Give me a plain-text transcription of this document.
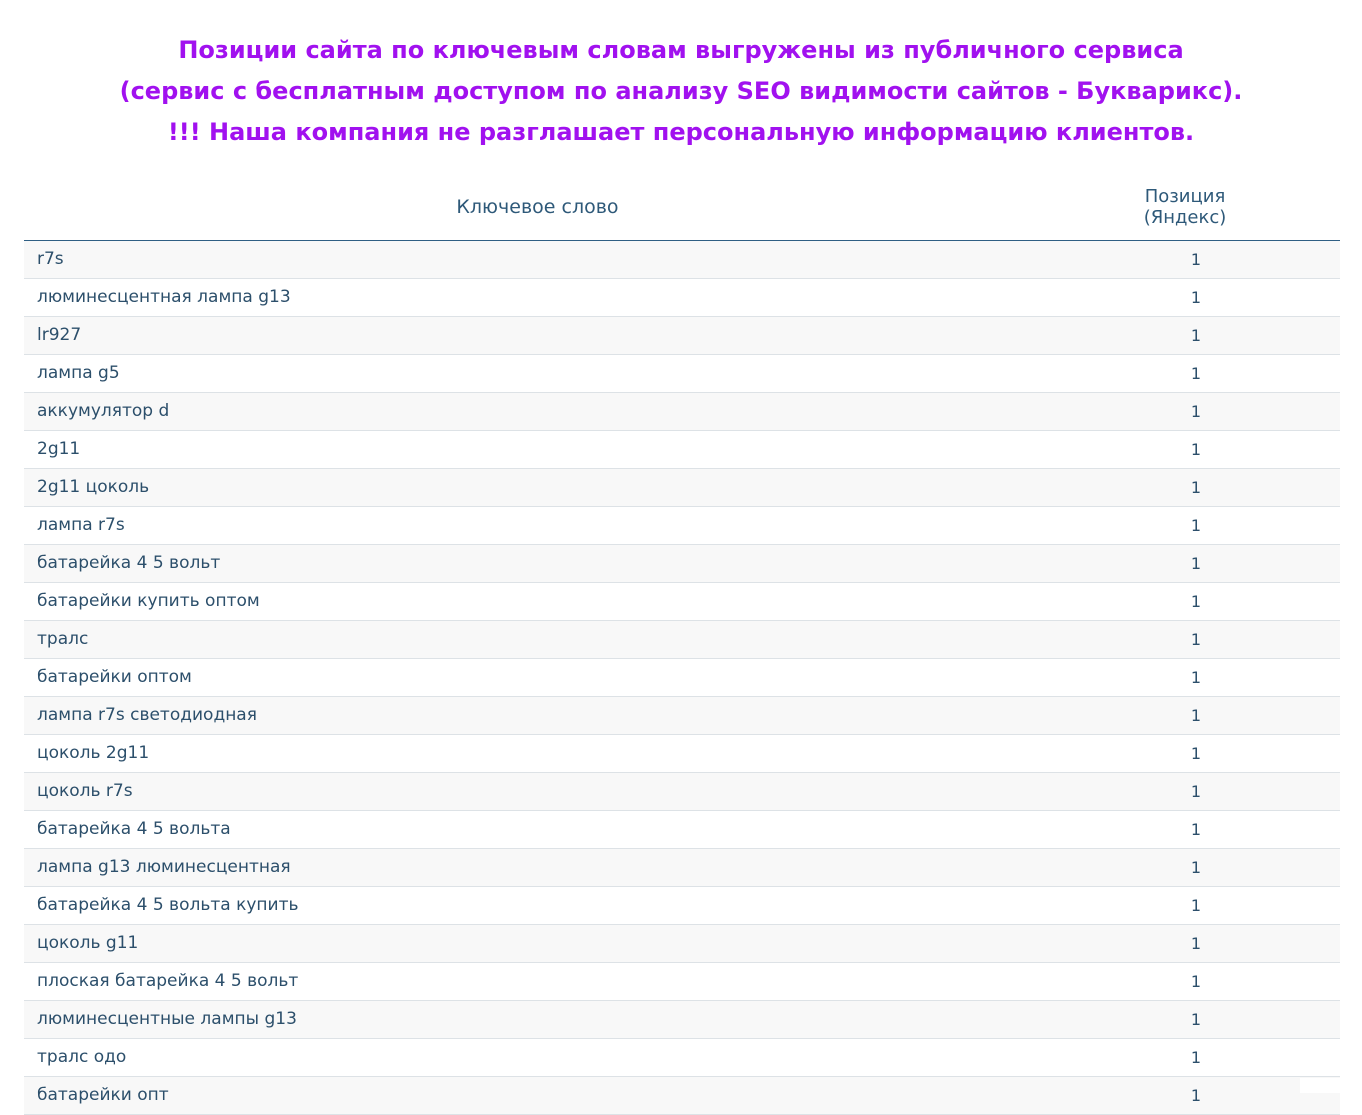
Позиции сайта по ключевым словам выгружены из публичного сервиса
(сервис с бесплатным доступом по анализу SEO видимости сайтов - Букварикс).
!!! Наша компания не разглашает персональную информацию клиентов.
Ключевое слово	Позиция
(Яндекс)
r7s	1
люминесцентная лампа g13	1
lr927	1
лампа g5	1
аккумулятор d	1
2g11	1
2g11 цоколь	1
лампа r7s	1
батарейка 4 5 вольт	1
батарейки купить оптом	1
тралс	1
батарейки оптом	1
лампа r7s светодиодная	1
цоколь 2g11	1
цоколь r7s	1
батарейка 4 5 вольта	1
лампа g13 люминесцентная	1
батарейка 4 5 вольта купить	1
цоколь g11	1
плоская батарейка 4 5 вольт	1
люминесцентные лампы g13	1
тралс одо	1
батарейки опт	1
